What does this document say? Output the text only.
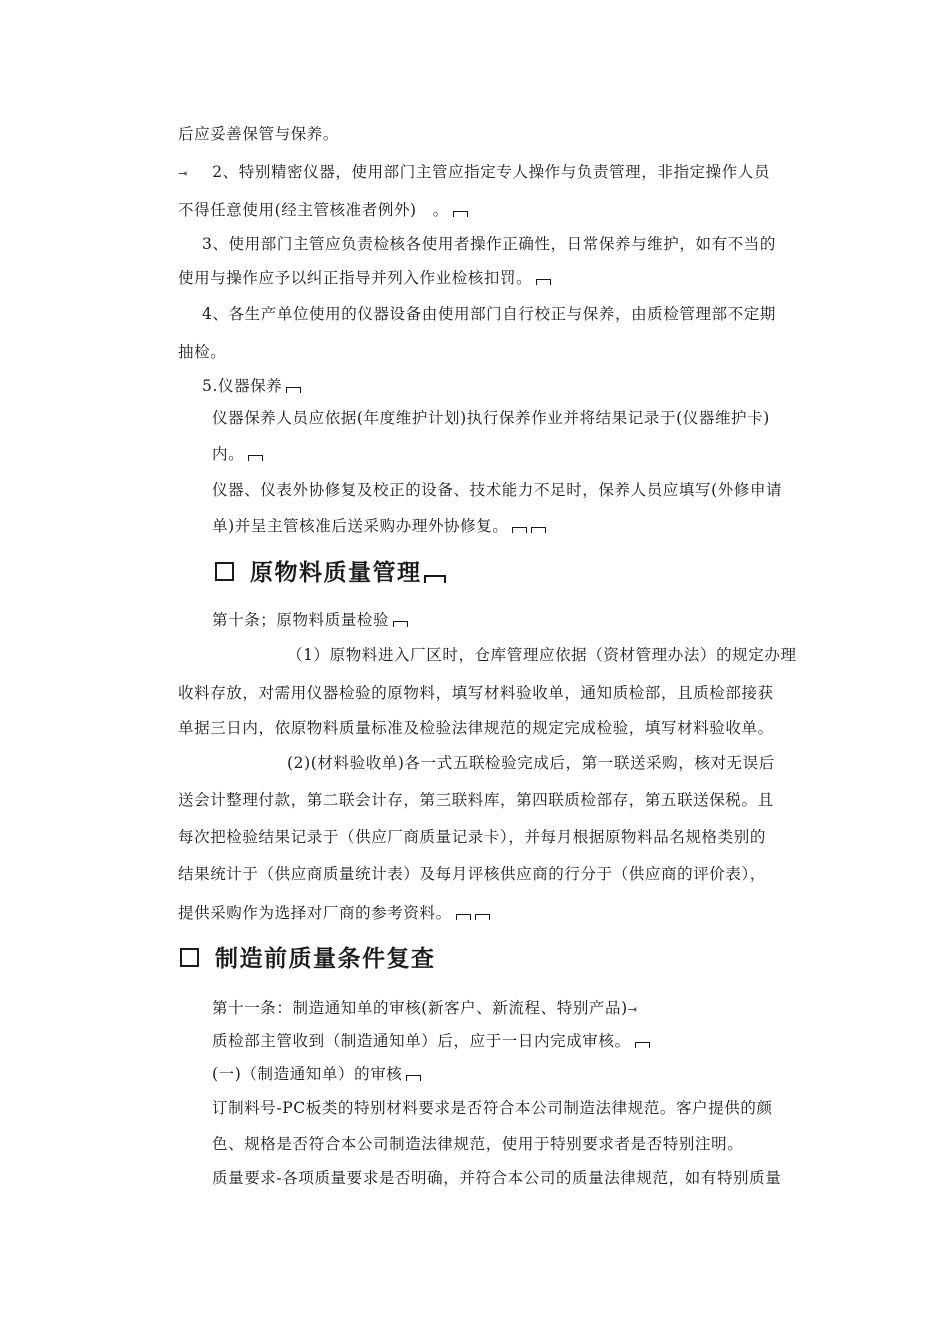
后应妥善保管与保养。
⇥ 2、特别精密仪器，使用部门主管应指定专人操作与负责管理，非指定操作人员
不得任意使用(经主管核准者例外)　。
3、使用部门主管应负责检核各使用者操作正确性，日常保养与维护，如有不当的
使用与操作应予以纠正指导并列入作业检核扣罚。
4、各生产单位使用的仪器设备由使用部门自行校正与保养，由质检管理部不定期
抽检。
5.仪器保养
仪器保养人员应依据(年度维护计划)执行保养作业并将结果记录于(仪器维护卡)
内。
仪器、仪表外协修复及校正的设备、技术能力不足时，保养人员应填写(外修申请
单)并呈主管核准后送采购办理外协修复。
原物料质量管理
第十条；原物料质量检验
（1）原物料进入厂区时，仓库管理应依据（资材管理办法）的规定办理
收料存放，对需用仪器检验的原物料，填写材料验收单，通知质检部，且质检部接获
单据三日内，依原物料质量标准及检验法律规范的规定完成检验，填写材料验收单。
(2)(材料验收单)各一式五联检验完成后，第一联送采购，核对无误后
送会计整理付款，第二联会计存，第三联料库，第四联质检部存，第五联送保税。且
每次把检验结果记录于（供应厂商质量记录卡），并每月根据原物料品名规格类别的
结果统计于（供应商质量统计表）及每月评核供应商的行分于（供应商的评价表），
提供采购作为选择对厂商的参考资料。
制造前质量条件复查
第十一条：制造通知单的审核(新客户、新流程、特别产品)⇥
质检部主管收到（制造通知单）后，应于一日内完成审核。
(一)（制造通知单）的审核
订制料号-PC板类的特别材料要求是否符合本公司制造法律规范。客户提供的颜
色、规格是否符合本公司制造法律规范，使用于特别要求者是否特别注明。
质量要求-各项质量要求是否明确，并符合本公司的质量法律规范，如有特别质量
